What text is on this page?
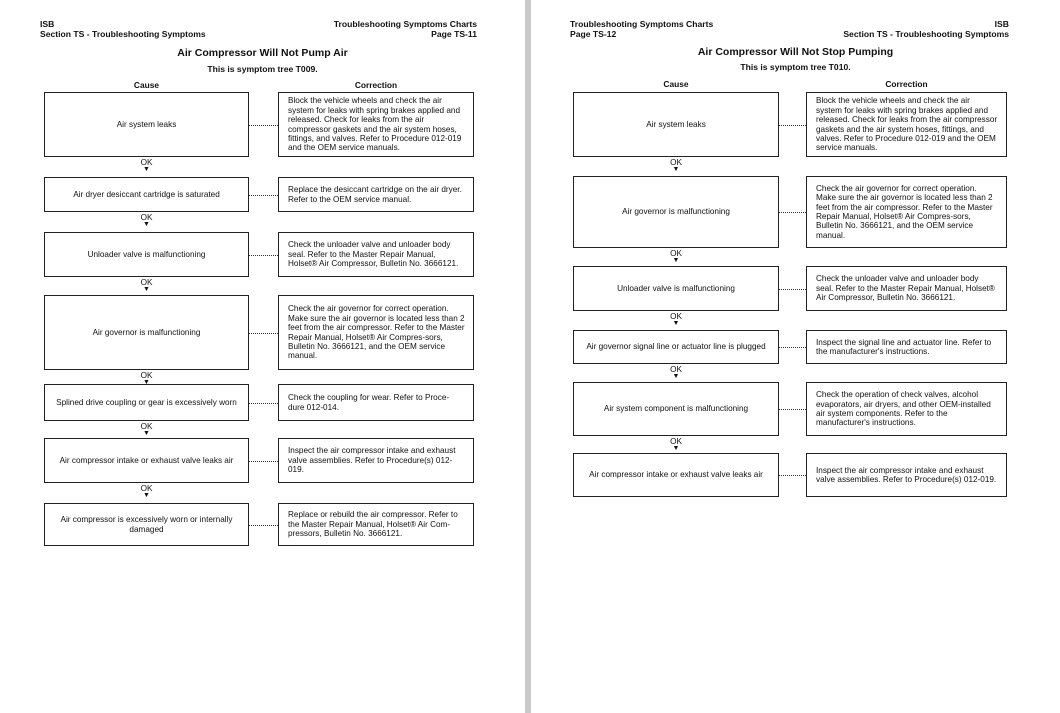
ISB
Section TS - Troubleshooting Symptoms
Troubleshooting Symptoms Charts
Page TS-11
Air Compressor Will Not Pump Air
This is symptom tree T009.
Cause	Correction
Air system leaks
Block the vehicle wheels and check the air system for leaks with spring brakes applied and released. Check for leaks from the air compressor gaskets and the air system hoses, fittings, and valves. Refer to Procedure 012-019 and the OEM service manuals.
OK
▼
Air dryer desiccant cartridge is saturated
Replace the desiccant cartridge on the air dryer. Refer to the OEM service manual.
OK
▼
Unloader valve is malfunctioning
Check the unloader valve and unloader body seal. Refer to the Master Repair Manual, Holset® Air Compressor, Bulletin No. 3666121.
OK
▼
Air governor is malfunctioning
Check the air governor for correct operation. Make sure the air governor is located less than 2 feet from the air compressor. Refer to the Master Repair Manual, Holset® Air Compres-sors, Bulletin No. 3666121, and the OEM service manual.
OK
▼
Splined drive coupling or gear is excessively worn
Check the coupling for wear. Refer to Proce-dure 012-014.
OK
▼
Air compressor intake or exhaust valve leaks air
Inspect the air compressor intake and exhaust valve assemblies. Refer to Procedure(s) 012-019.
OK
▼
Air compressor is excessively worn or internally damaged
Replace or rebuild the air compressor. Refer to the Master Repair Manual, Holset® Air Com-pressors, Bulletin No. 3666121.
Troubleshooting Symptoms Charts
Page TS-12
ISB
Section TS - Troubleshooting Symptoms
Air Compressor Will Not Stop Pumping
This is symptom tree T010.
Cause	Correction
Air system leaks
Block the vehicle wheels and check the air system for leaks with spring brakes applied and released. Check for leaks from the air compressor gaskets and the air system hoses, fittings, and valves. Refer to Procedure 012-019 and the OEM service manuals.
OK
▼
Air governor is malfunctioning
Check the air governor for correct operation. Make sure the air governor is located less than 2 feet from the air compressor. Refer to the Master Repair Manual, Holset® Air Compres-sors, Bulletin No. 3666121, and the OEM service manual.
OK
▼
Unloader valve is malfunctioning
Check the unloader valve and unloader body seal. Refer to the Master Repair Manual, Holset® Air Compressor, Bulletin No. 3666121.
OK
▼
Air governor signal line or actuator line is plugged
Inspect the signal line and actuator line. Refer to the manufacturer's instructions.
OK
▼
Air system component is malfunctioning
Check the operation of check valves, alcohol evaporators, air dryers, and other OEM-installed air system components. Refer to the manufacturer's instructions.
OK
▼
Air compressor intake or exhaust valve leaks air
Inspect the air compressor intake and exhaust valve assemblies. Refer to Procedure(s) 012-019.
